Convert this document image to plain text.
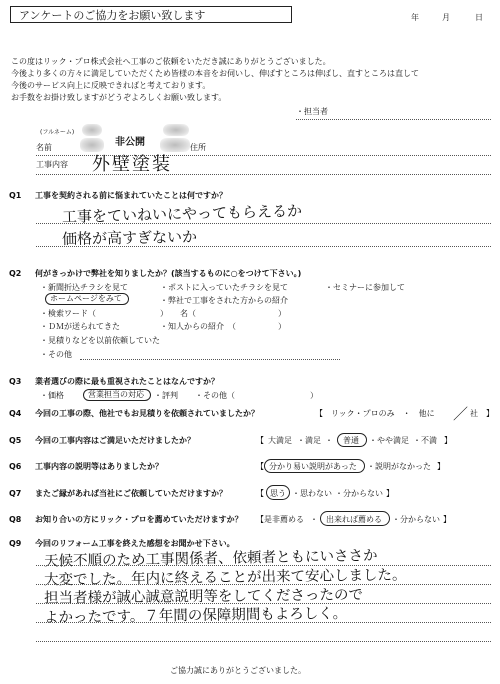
アンケートのご協力をお願い致します	年	月	日
この度はリック・プロ株式会社へ工事のご依頼をいただき誠にありがとうございました。
今後より多くの方々に満足していただくため皆様の本音をお伺いし、伸ばすところは伸ばし、直すところは直して
今後のサービス向上に反映できればと考えております。
お手数をお掛け致しますがどうぞよろしくお願い致します。
・ 担当者
(フルネーム)
名前	非公開	住所
工事内容 外壁塗装
Q1 工事を契約される前に悩まれていたことは何ですか？
工事をていねいにやってもらえるか
価格が高すぎないか
Q2 何がきっかけで弊社を知りましたか？(該当するものに○をつけて下さい。)
・新聞折込チラシを見て	・ポストに入っていたチラシを見て	・セミナーに参加して
ホームページをみて	・弊社で工事をされた方からの紹介
・検索ワード（	）　　名（	）
・ＤＭが送られてきた	・知人からの紹介　（	）
・見積りなどを以前依頼していた
・その他
Q3 業者選びの際に最も重視されたことはなんですか？
・価格	営業担当の対応 ・評判 ・その他（	）
Q4 今回の工事の際、他社でもお見積りを依頼されていましたか？	【　リック・プロのみ　・　他に ／ 社　】
Q5 今回の工事内容はご満足いただけましたか？	【 大満足 ・ 満足 ・ 普通 ・ やや満足 ・ 不満 】
Q6 工事内容の説明等はありましたか？	【 分かり易い説明があった ・ 説明がなかった 】
Q7 またご縁があれば当社にご依頼していただけますか？	【 思う ・ 思わない ・ 分からない 】
Q8 お知り合いの方にリック・プロを薦めていただけますか？ 【是非薦める ・ 出来れば薦める ・ 分からない 】
Q9 今回のリフォーム工事を終えた感想をお聞かせ下さい。
天候不順のため工事関係者、依頼者ともにいささか
大変でした。年内に終えることが出来て安心しました。
担当者様が誠心誠意説明等をしてくださったので
よかったです。７年間の保障期間もよろしく。
ご協力誠にありがとうございました。
